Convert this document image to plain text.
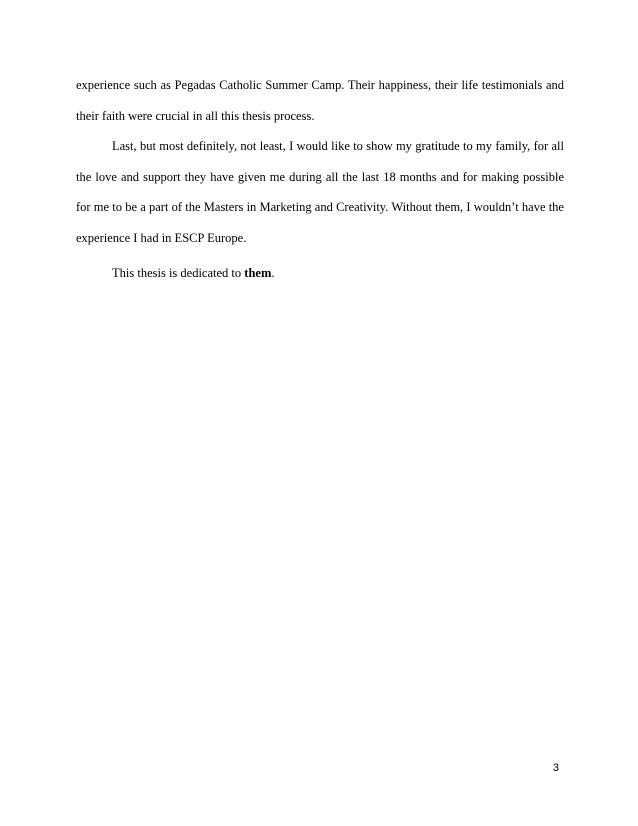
experience such as Pegadas Catholic Summer Camp. Their happiness, their life testimonials and their faith were crucial in all this thesis process.

Last, but most definitely, not least, I would like to show my gratitude to my family, for all the love and support they have given me during all the last 18 months and for making possible for me to be a part of the Masters in Marketing and Creativity. Without them, I wouldn’t have the experience I had in ESCP Europe.

This thesis is dedicated to them.

3
